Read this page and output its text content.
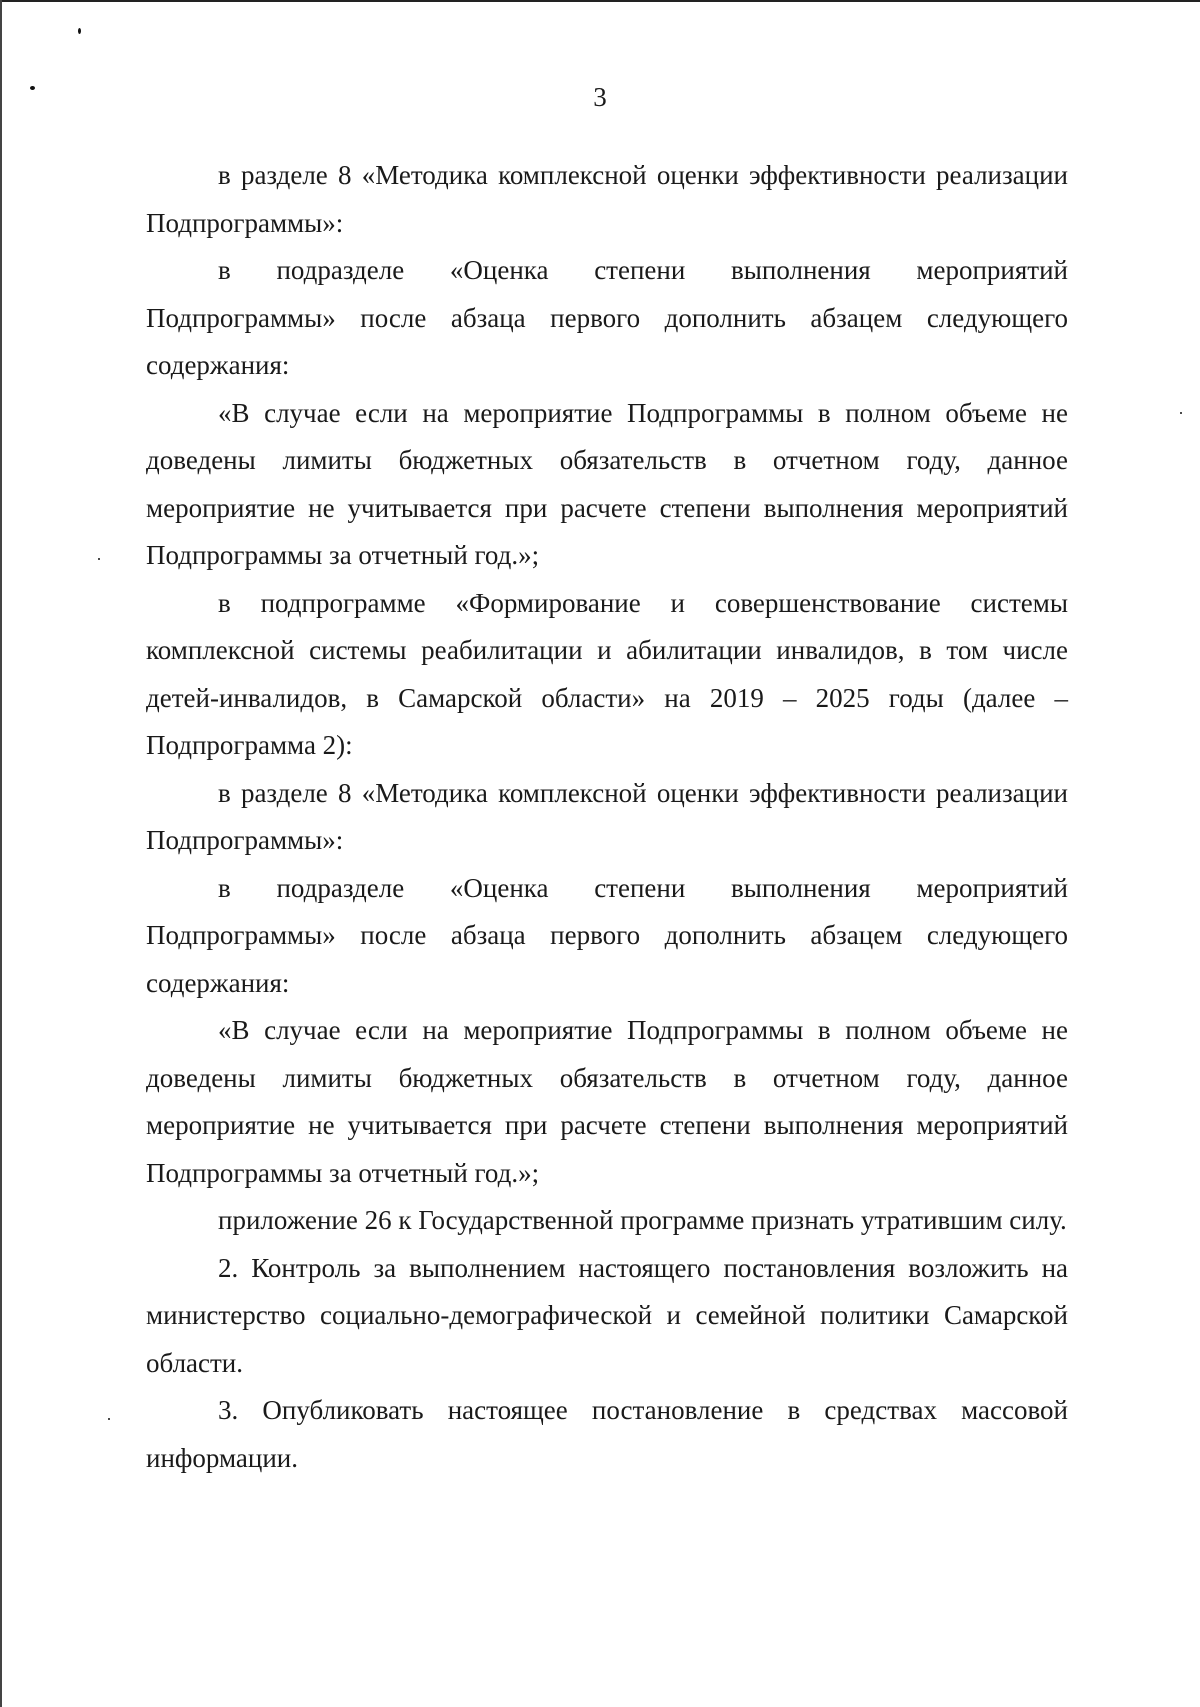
3

в разделе 8 «Методика комплексной оценки эффективности реализации Подпрограммы»:

в подразделе «Оценка степени выполнения мероприятий Подпрограммы» после абзаца первого дополнить абзацем следующего содержания:

«В случае если на мероприятие Подпрограммы в полном объеме не доведены лимиты бюджетных обязательств в отчетном году, данное мероприятие не учитывается при расчете степени выполнения мероприятий Подпрограммы за отчетный год.»;

в подпрограмме «Формирование и совершенствование системы комплексной системы реабилитации и абилитации инвалидов, в том числе детей-инвалидов, в Самарской области» на 2019 – 2025 годы (далее – Подпрограмма 2):

в разделе 8 «Методика комплексной оценки эффективности реализации Подпрограммы»:

в подразделе «Оценка степени выполнения мероприятий Подпрограммы» после абзаца первого дополнить абзацем следующего содержания:

«В случае если на мероприятие Подпрограммы в полном объеме не доведены лимиты бюджетных обязательств в отчетном году, данное мероприятие не учитывается при расчете степени выполнения мероприятий Подпрограммы за отчетный год.»;

приложение 26 к Государственной программе признать утратившим силу.

2. Контроль за выполнением настоящего постановления возложить на министерство социально-демографической и семейной политики Самарской области.

3. Опубликовать настоящее постановление в средствах массовой информации.
